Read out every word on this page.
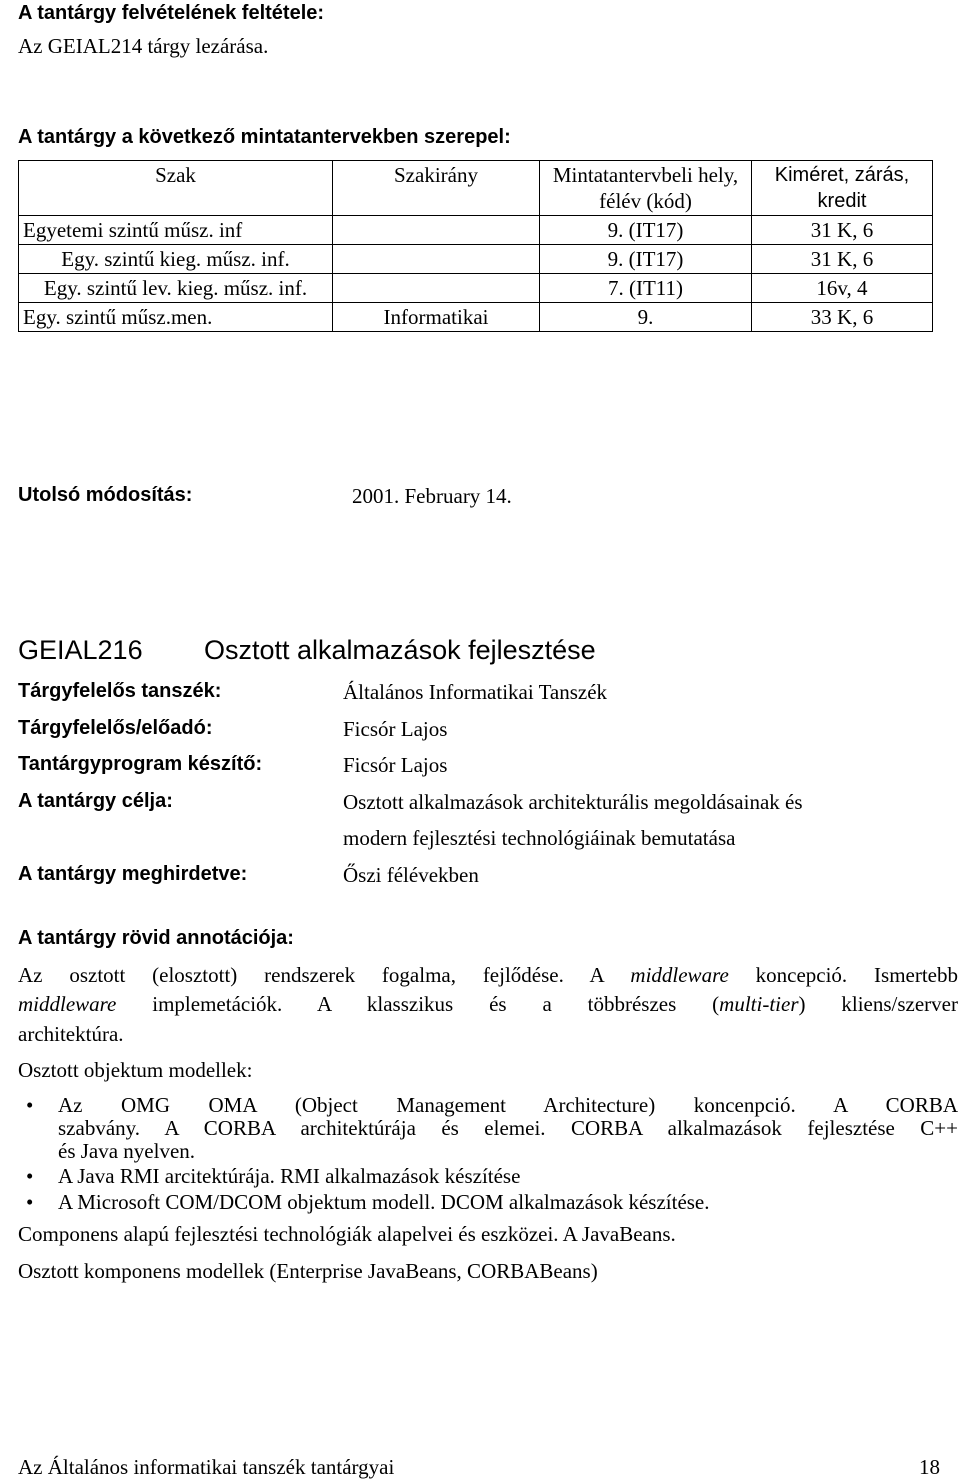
A tantárgy felvételének feltétele:
Az GEIAL214 tárgy lezárása.
A tantárgy a következő mintatantervekben szerepel:
Szak	Szakirány	Mintatantervbeli hely, félév (kód)	Kiméret, zárás, kredit
Egyetemi szintű műsz. inf		9. (IT17)	31 K, 6
Egy. szintű kieg. műsz. inf.		9. (IT17)	31 K, 6
Egy. szintű lev. kieg. műsz. inf.		7. (IT11)	16v, 4
Egy. szintű műsz.men.	Informatikai	9.	33 K, 6
Utolsó módosítás:	2001. February 14.
GEIAL216 Osztott alkalmazások fejlesztése
Tárgyfelelős tanszék:	Általános Informatikai Tanszék
Tárgyfelelős/előadó:	Ficsór Lajos
Tantárgyprogram készítő:	Ficsór Lajos
A tantárgy célja:	Osztott alkalmazások architekturális megoldásainak és
modern fejlesztési technológiáinak bemutatása
A tantárgy meghirdetve:	Őszi félévekben
A tantárgy rövid annotációja:
Az osztott (elosztott) rendszerek fogalma, fejlődése. A middleware koncepció. Ismertebb
middleware implemetációk. A klasszikus és a többrészes (multi-tier) kliens/szerver
architektúra.
Osztott objektum modellek:
• Az OMG OMA (Object Management Architecture) koncenpció. A CORBA
szabvány. A CORBA architektúrája és elemei. CORBA alkalmazások fejlesztése C++
és Java nyelven.
• A Java RMI arcitektúrája. RMI alkalmazások készítése
• A Microsoft COM/DCOM objektum modell. DCOM alkalmazások készítése.
Componens alapú fejlesztési technológiák alapelvei és eszközei. A JavaBeans.
Osztott komponens modellek (Enterprise JavaBeans, CORBABeans)
Az Általános informatikai tanszék tantárgyai	18
